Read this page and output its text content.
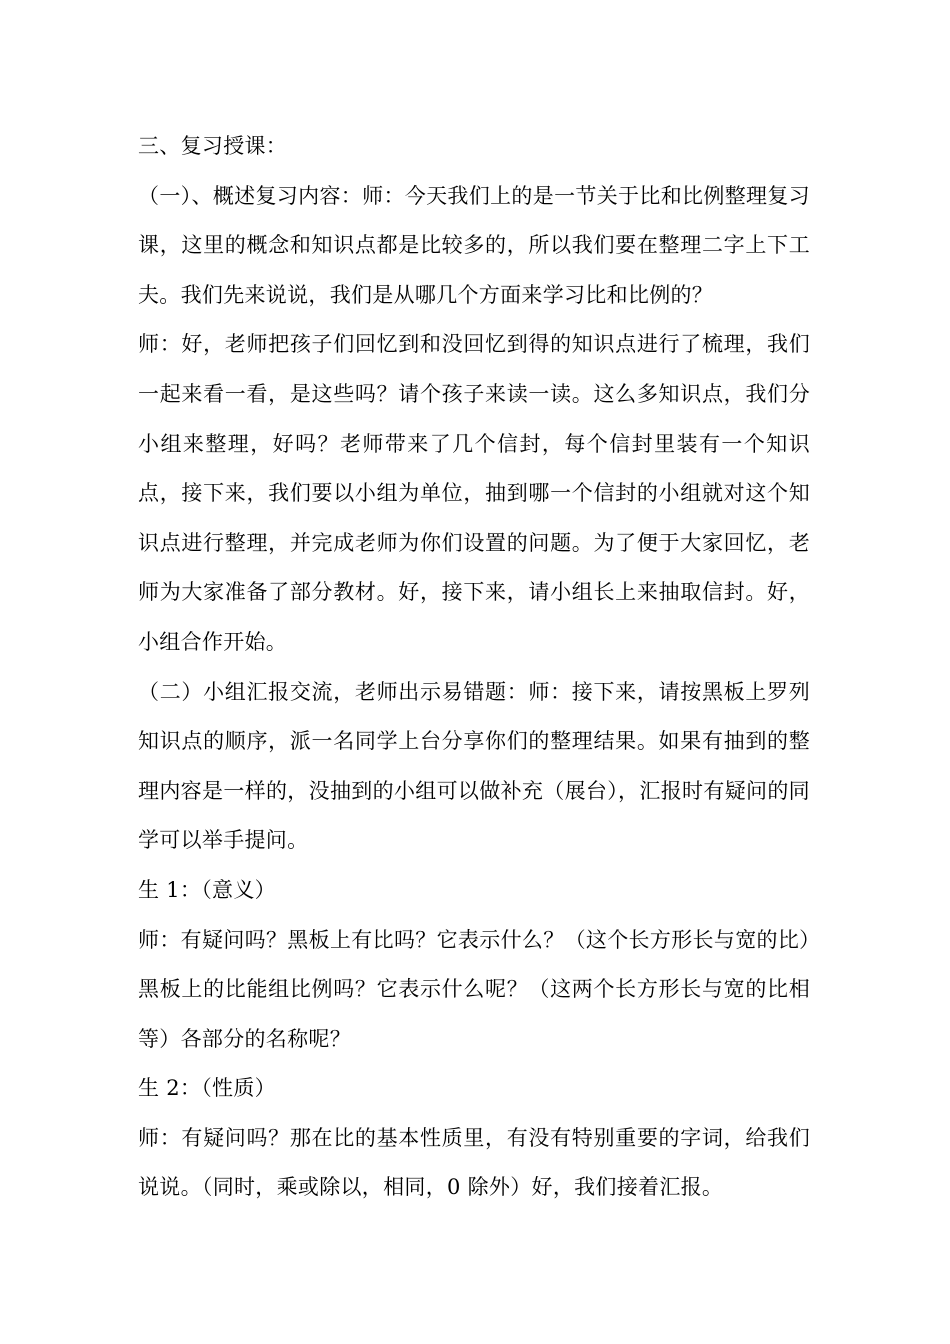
三、复习授课：

（一）、概述复习内容：师：今天我们上的是一节关于比和比例整理复习课，这里的概念和知识点都是比较多的，所以我们要在整理二字上下工夫。我们先来说说，我们是从哪几个方面来学习比和比例的？

师：好，老师把孩子们回忆到和没回忆到得的知识点进行了梳理，我们一起来看一看，是这些吗？请个孩子来读一读。这么多知识点，我们分小组来整理，好吗？老师带来了几个信封，每个信封里装有一个知识点，接下来，我们要以小组为单位，抽到哪一个信封的小组就对这个知识点进行整理，并完成老师为你们设置的问题。为了便于大家回忆，老师为大家准备了部分教材。好，接下来，请小组长上来抽取信封。好，小组合作开始。

（二）小组汇报交流，老师出示易错题：师：接下来，请按黑板上罗列知识点的顺序，派一名同学上台分享你们的整理结果。如果有抽到的整理内容是一样的，没抽到的小组可以做补充（展台），汇报时有疑问的同学可以举手提问。

生 1：（意义）

师：有疑问吗？黑板上有比吗？它表示什么？（这个长方形长与宽的比）黑板上的比能组比例吗？它表示什么呢？（这两个长方形长与宽的比相等）各部分的名称呢？

生 2：（性质）

师：有疑问吗？那在比的基本性质里，有没有特别重要的字词，给我们说说。（同时，乘或除以，相同，0 除外）好，我们接着汇报。
